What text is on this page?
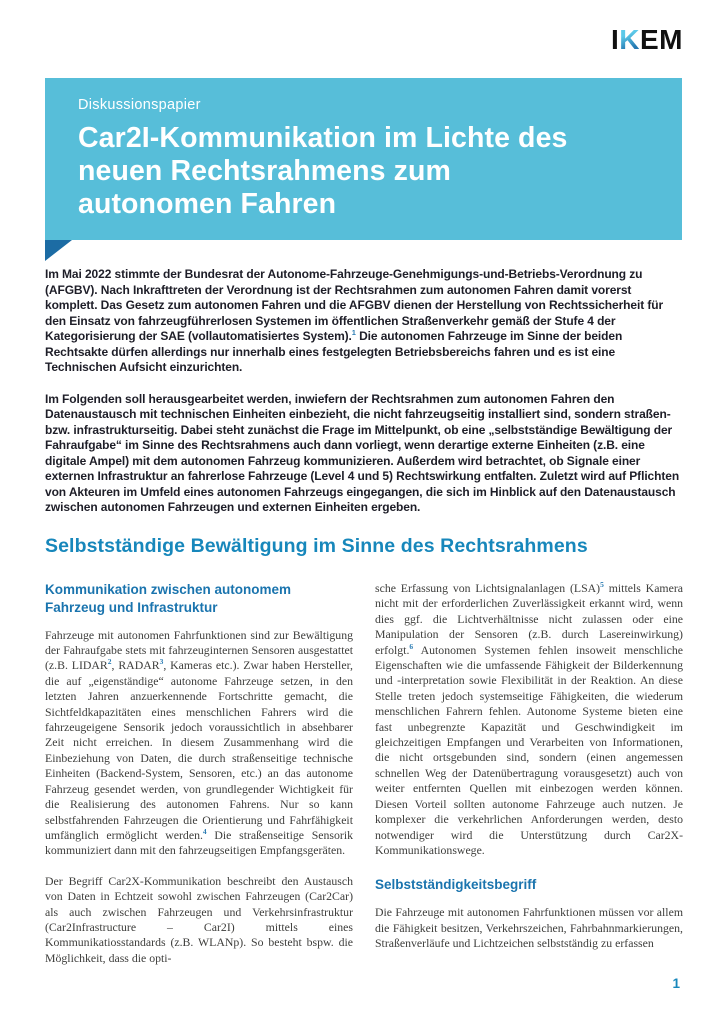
IKEM
Diskussionspapier
Car2I-Kommunikation im Lichte des neuen Rechtsrahmens zum autonomen Fahren

Im Mai 2022 stimmte der Bundesrat der Autonome-Fahrzeuge-Genehmigungs-und-Betriebs-Verordnung zu (AFGBV). Nach Inkrafttreten der Verordnung ist der Rechtsrahmen zum autonomen Fahren damit vorerst komplett. Das Gesetz zum autonomen Fahren und die AFGBV dienen der Herstellung von Rechtssicherheit für den Einsatz von fahrzeugführerlosen Systemen im öffentlichen Straßenverkehr gemäß der Stufe 4 der Kategorisierung der SAE (vollautomatisiertes System).$^1$ Die autonomen Fahrzeuge im Sinne der beiden Rechtsakte dürfen allerdings nur innerhalb eines festgelegten Betriebsbereichs fahren und es ist eine Technischen Aufsicht einzurichten.

Im Folgenden soll herausgearbeitet werden, inwiefern der Rechtsrahmen zum autonomen Fahren den Datenaustausch mit technischen Einheiten einbezieht, die nicht fahrzeugseitig installiert sind, sondern straßen- bzw. infrastrukturseitig. Dabei steht zunächst die Frage im Mittelpunkt, ob eine „selbstständige Bewältigung der Fahraufgabe“ im Sinne des Rechtsrahmens auch dann vorliegt, wenn derartige externe Einheiten (z.B. eine digitale Ampel) mit dem autonomen Fahrzeug kommunizieren. Außerdem wird betrachtet, ob Signale einer externen Infrastruktur an fahrerlose Fahrzeuge (Level 4 und 5) Rechtswirkung entfalten. Zuletzt wird auf Pflichten von Akteuren im Umfeld eines autonomen Fahrzeugs eingegangen, die sich im Hinblick auf den Datenaustausch zwischen autonomen Fahrzeugen und externen Einheiten ergeben.

Selbstständige Bewältigung im Sinne des Rechtsrahmens
Kommunikation zwischen autonomem Fahrzeug und Infrastruktur

Fahrzeuge mit autonomen Fahrfunktionen sind zur Bewältigung der Fahraufgabe stets mit fahrzeuginternen Sensoren ausgestattet (z.B. LIDAR$^2$, RADAR$^3$, Kameras etc.). Zwar haben Hersteller, die auf „eigenständige“ autonome Fahrzeuge setzen, in den letzten Jahren anzuerkennende Fortschritte gemacht, die Sichtfeldkapazitäten eines menschlichen Fahrers wird die fahrzeugeigene Sensorik jedoch voraussichtlich in absehbarer Zeit nicht erreichen. In diesem Zusammenhang wird die Einbeziehung von Daten, die durch straßenseitige technische Einheiten (Backend-System, Sensoren, etc.) an das autonome Fahrzeug gesendet werden, von grundlegender Wichtigkeit für die Realisierung des autonomen Fahrens. Nur so kann selbstfahrenden Fahrzeugen die Orientierung und Fahrfähigkeit umfänglich ermöglicht werden.$^4$ Die straßenseitige Sensorik kommuniziert dann mit den fahrzeugseitigen Empfangsgeräten.

Der Begriff Car2X-Kommunikation beschreibt den Austausch von Daten in Echtzeit sowohl zwischen Fahrzeugen (Car2Car) als auch zwischen Fahrzeugen und Verkehrsinfrastruktur (Car2Infrastructure – Car2I) mittels eines Kommunikatiosstandards (z.B. WLANp). So besteht bspw. die Möglichkeit, dass die opti-

sche Erfassung von Lichtsignalanlagen (LSA)$^5$ mittels Kamera nicht mit der erforderlichen Zuverlässigkeit erkannt wird, wenn dies ggf. die Lichtverhältnisse nicht zulassen oder eine Manipulation der Sensoren (z.B. durch Lasereinwirkung) erfolgt.$^6$ Autonomen Systemen fehlen insoweit menschliche Eigenschaften wie die umfassende Fähigkeit der Bilderkennung und -interpretation sowie Flexibilität in der Reaktion. An diese Stelle treten jedoch systemseitige Fähigkeiten, die wiederum menschlichen Fahrern fehlen. Autonome Systeme bieten eine fast unbegrenzte Kapazität und Geschwindigkeit im gleichzeitigen Empfangen und Verarbeiten von Informationen, die nicht ortsgebunden sind, sondern (einen angemessen schnellen Weg der Datenübertragung vorausgesetzt) auch von weiter entfernten Quellen mit einbezogen werden können. Diesen Vorteil sollten autonome Fahrzeuge auch nutzen. Je komplexer die verkehrlichen Anforderungen werden, desto notwendiger wird die Unterstützung durch Car2X-Kommunikationswege.

Selbstständigkeitsbegriff

Die Fahrzeuge mit autonomen Fahrfunktionen müssen vor allem die Fähigkeit besitzen, Verkehrszeichen, Fahrbahnmarkierungen, Straßenverläufe und Lichtzeichen selbstständig zu erfassen

1
